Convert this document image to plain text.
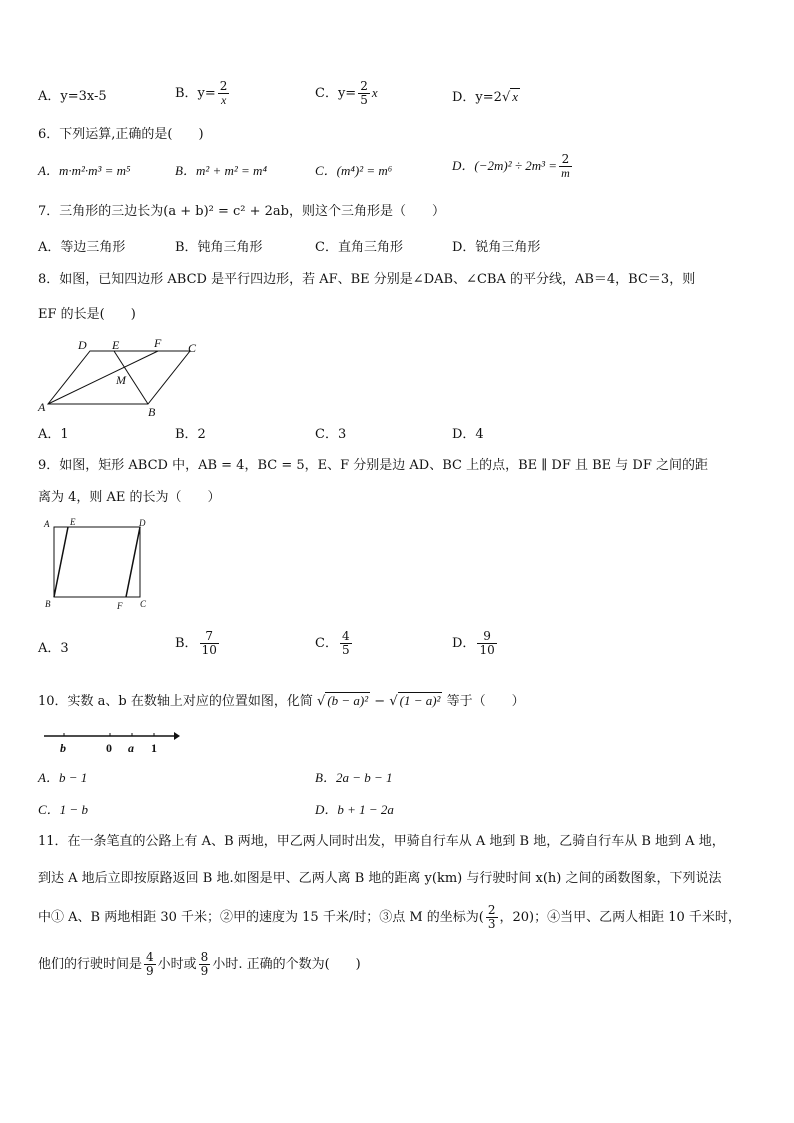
A．y=3x-5	B．$y= \frac{2}{x}$	C．$y= \frac{2}{5}$ x	D．y=2√ x
6．下列运算,正确的是(　　)
A．m·m²·m³ = m⁵	B．m² + m² = m⁴	C．(m⁴)² = m⁶	D．$(-2m)^2 \div 2m^3 = \frac{2}{m}$
7．三角形的三边长为(a + b)² = c² + 2ab，则这个三角形是（　　）
A．等边三角形	B．钝角三角形	C．直角三角形	D．锐角三角形
8．如图，已知四边形 ABCD 是平行四边形，若 AF、BE 分别是∠DAB、∠CBA 的平分线，AB＝4，BC＝3，则
EF 的长是(　　)
D E	F C
M
A	B
A．1	B．2	C．3	D．4
9．如图，矩形 ABCD 中，AB = 4，BC = 5，E、F 分别是边 AD、BC 上的点，BE ∥ DF 且 BE 与 DF 之间的距
离为 4，则 AE 的长为（　　）
A E	D
B	F C
A．3	B． $\frac{7}{10}$	C． $\frac{4}{5}$	D． $\frac{9}{10}$
10．实数 a、b 在数轴上对应的位置如图，化简 √ (b − a)² − √ (1 − a)² 等于（　　）
b	0 a 1
A．b − 1	B．2a − b − 1
C．1 − b	D．b + 1 − 2a
11．在一条笔直的公路上有 A、B 两地，甲乙两人同时出发，甲骑自行车从 A 地到 B 地，乙骑自行车从 B 地到 A 地，
到达 A 地后立即按原路返回 B 地.如图是甲、乙两人离 B 地的距离 y(km) 与行驶时间 x(h) 之间的函数图象，下列说法
中① A、B 两地相距 30 千米；②甲的速度为 15 千米/时；③点 M 的坐标为( $\frac{2}{3}$ ，20)；④当甲、乙两人相距 10 千米时，
他们的行驶时间是 $\frac{4}{9}$ 小时或 $\frac{8}{9}$ 小时. 正确的个数为(　　)
